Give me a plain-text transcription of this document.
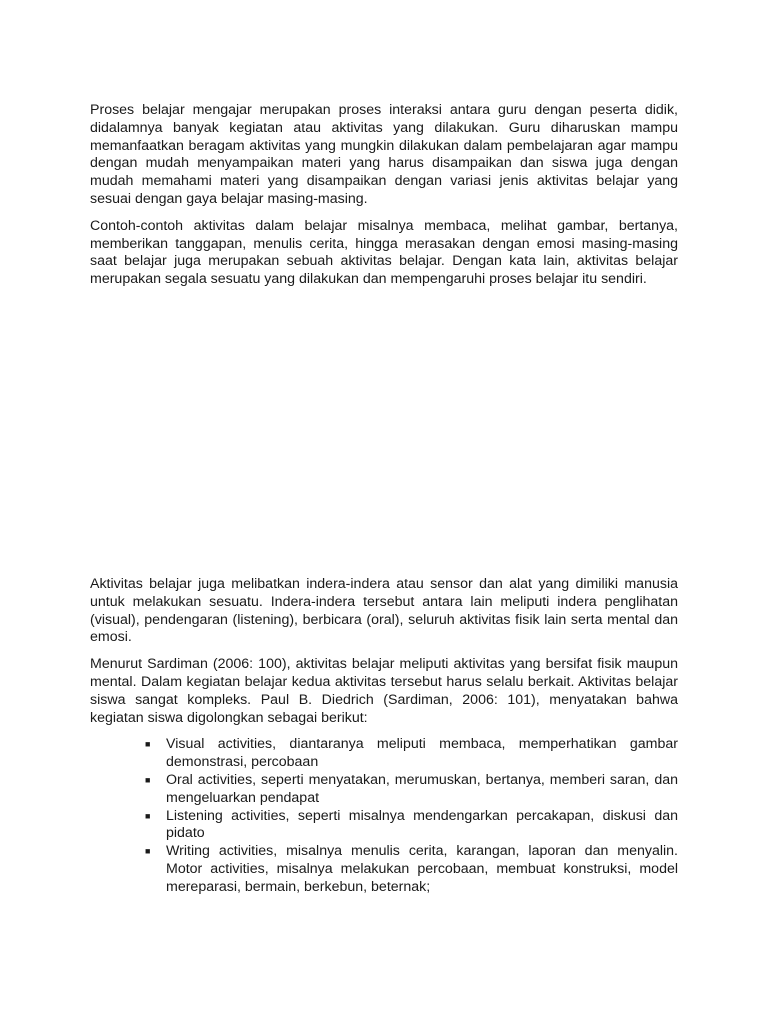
Proses belajar mengajar merupakan proses interaksi antara guru dengan peserta didik, didalamnya banyak kegiatan atau aktivitas yang dilakukan. Guru diharuskan mampu memanfaatkan beragam aktivitas yang mungkin dilakukan dalam pembelajaran agar mampu dengan mudah menyampaikan materi yang harus disampaikan dan siswa juga dengan mudah memahami materi yang disampaikan dengan variasi jenis aktivitas belajar yang sesuai dengan gaya belajar masing-masing.

Contoh-contoh aktivitas dalam belajar misalnya membaca, melihat gambar, bertanya, memberikan tanggapan, menulis cerita, hingga merasakan dengan emosi masing-masing saat belajar juga merupakan sebuah aktivitas belajar. Dengan kata lain, aktivitas belajar merupakan segala sesuatu yang dilakukan dan mempengaruhi proses belajar itu sendiri.

Aktivitas belajar juga melibatkan indera-indera atau sensor dan alat yang dimiliki manusia untuk melakukan sesuatu. Indera-indera tersebut antara lain meliputi indera penglihatan (visual), pendengaran (listening), berbicara (oral), seluruh aktivitas fisik lain serta mental dan emosi.

Menurut Sardiman (2006: 100), aktivitas belajar meliputi aktivitas yang bersifat fisik maupun mental. Dalam kegiatan belajar kedua aktivitas tersebut harus selalu berkait. Aktivitas belajar siswa sangat kompleks. Paul B. Diedrich (Sardiman, 2006: 101), menyatakan bahwa kegiatan siswa digolongkan sebagai berikut:

■ Visual activities, diantaranya meliputi membaca, memperhatikan gambar demonstrasi, percobaan
■ Oral activities, seperti menyatakan, merumuskan, bertanya, memberi saran, dan mengeluarkan pendapat
■ Listening activities, seperti misalnya mendengarkan percakapan, diskusi dan pidato
■ Writing activities, misalnya menulis cerita, karangan, laporan dan menyalin. Motor activities, misalnya melakukan percobaan, membuat konstruksi, model mereparasi, bermain, berkebun, beternak;
